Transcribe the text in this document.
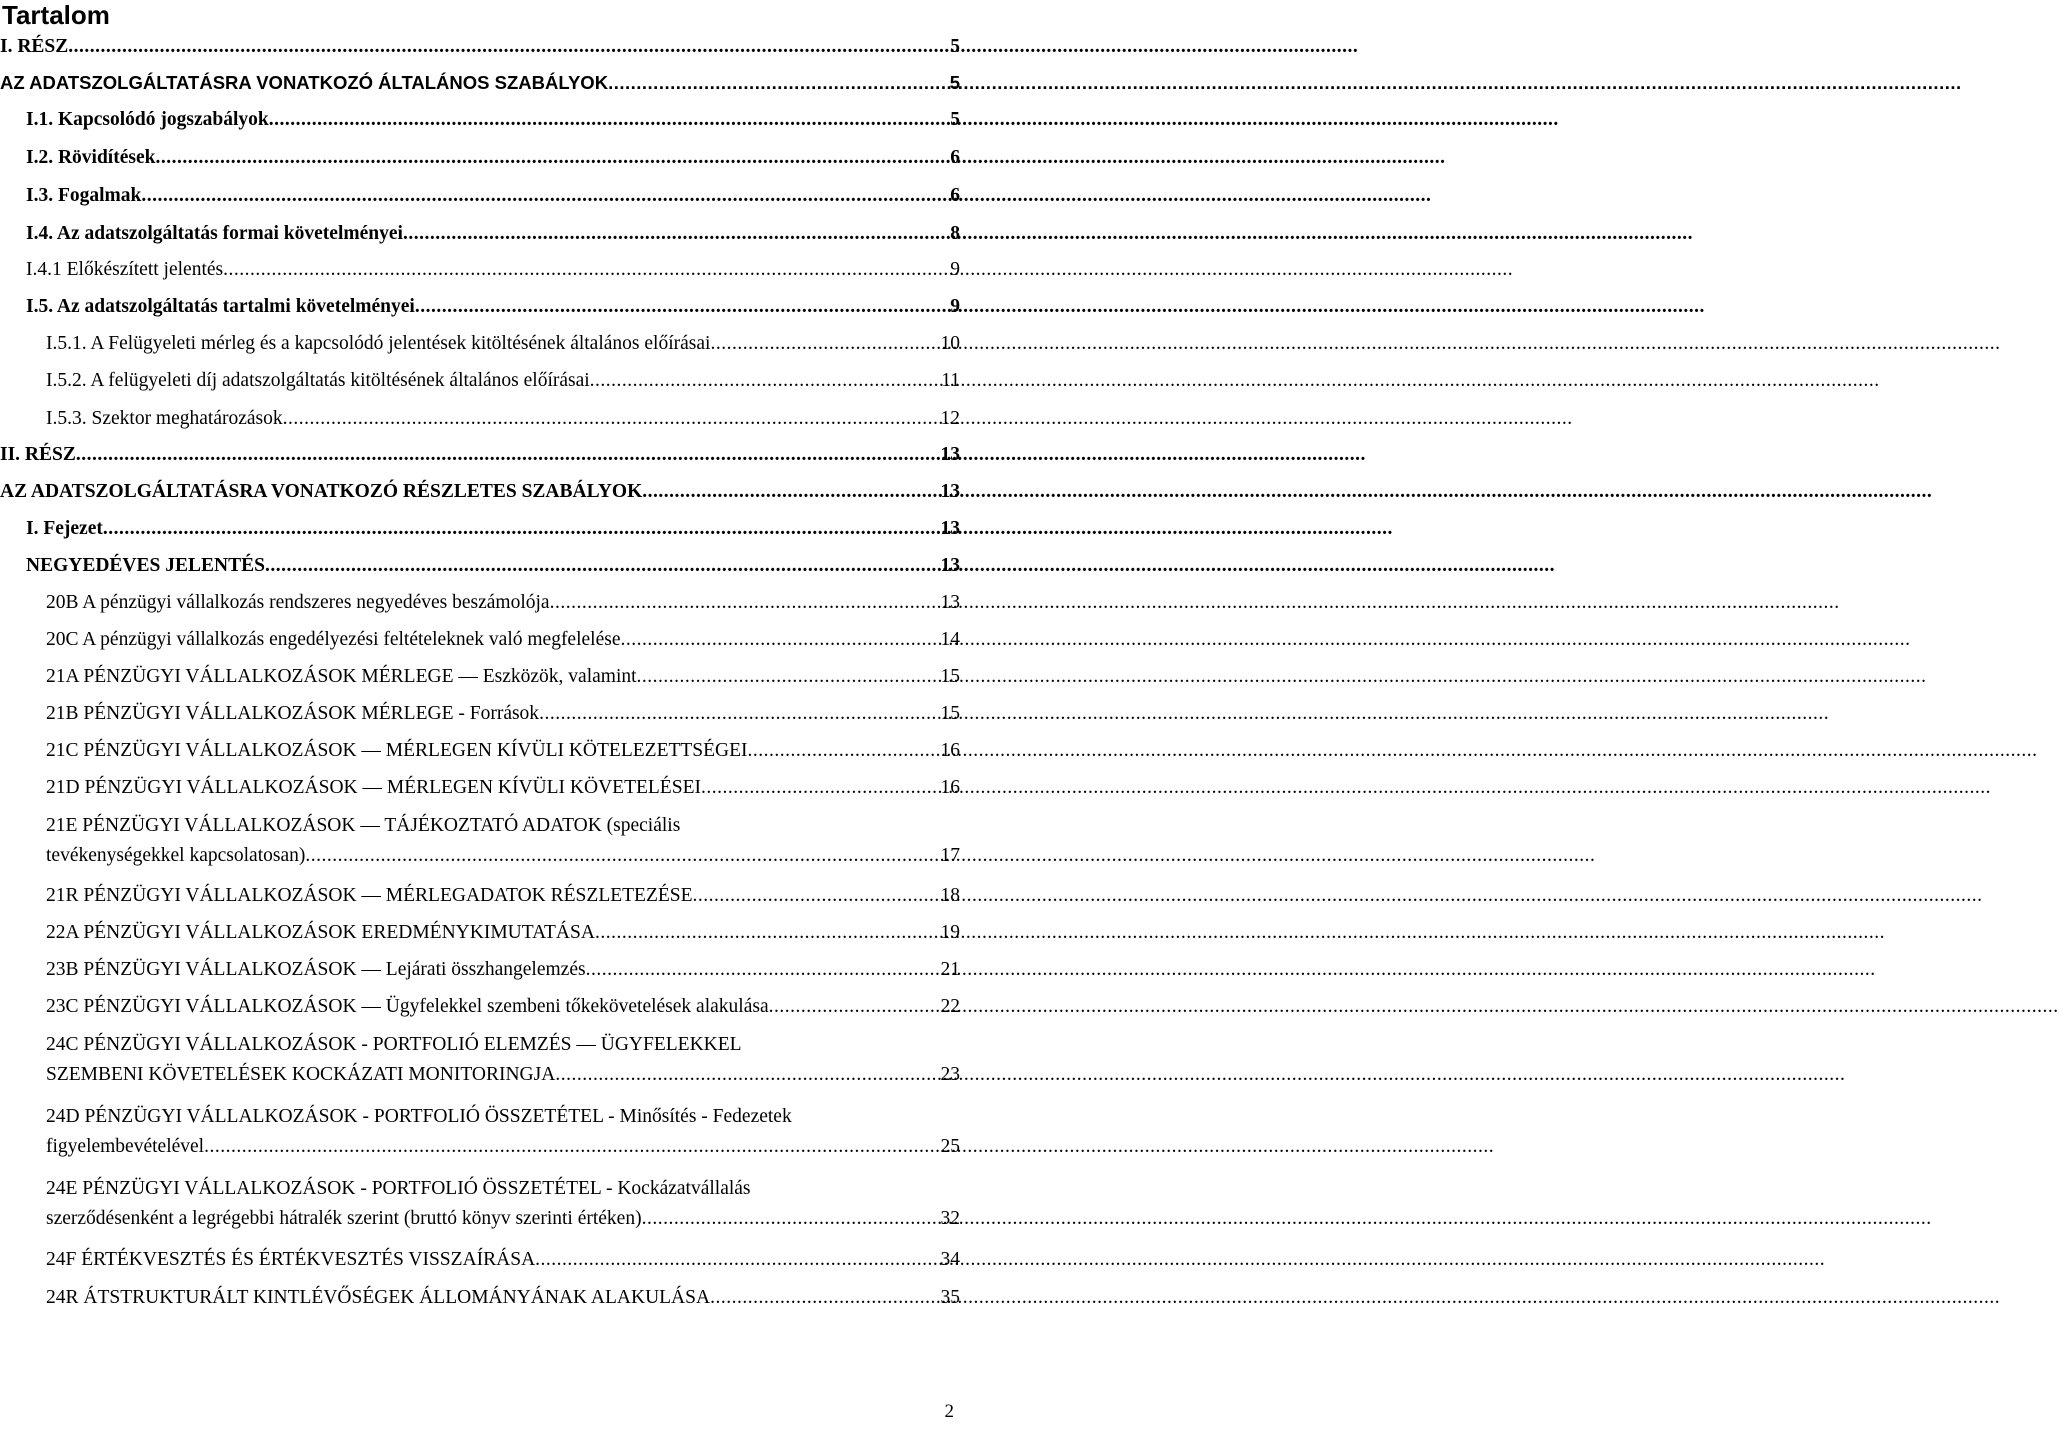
Tartalom
I. RÉSZ .....	5
AZ ADATSZOLGÁLTATÁSRA VONATKOZÓ ÁLTALÁNOS SZABÁLYOK .....	5
I.1. Kapcsolódó jogszabályok .....	5
I.2. Rövidítések .....	6
I.3. Fogalmak .....	6
I.4. Az adatszolgáltatás formai követelményei .....	8
I.4.1 Előkészített jelentés .....	9
I.5. Az adatszolgáltatás tartalmi követelményei .....	9
I.5.1. A Felügyeleti mérleg és a kapcsolódó jelentések kitöltésének általános előírásai .....	10
I.5.2. A felügyeleti díj adatszolgáltatás kitöltésének általános előírásai .....	11
I.5.3. Szektor meghatározások .....	12
II. RÉSZ .....	13
AZ ADATSZOLGÁLTATÁSRA VONATKOZÓ RÉSZLETES SZABÁLYOK .....	13
I. Fejezet .....	13
NEGYEDÉVES JELENTÉS .....	13
20B A pénzügyi vállalkozás rendszeres negyedéves beszámolója .....	13
20C A pénzügyi vállalkozás engedélyezési feltételeknek való megfelelése .....	14
21A PÉNZÜGYI VÁLLALKOZÁSOK MÉRLEGE — Eszközök, valamint .....	15
21B PÉNZÜGYI VÁLLALKOZÁSOK MÉRLEGE - Források .....	15
21C PÉNZÜGYI VÁLLALKOZÁSOK — MÉRLEGEN KÍVÜLI KÖTELEZETTSÉGEI .....	16
21D PÉNZÜGYI VÁLLALKOZÁSOK — MÉRLEGEN KÍVÜLI KÖVETELÉSEI .....	16
21E PÉNZÜGYI VÁLLALKOZÁSOK — TÁJÉKOZTATÓ ADATOK (speciális
tevékenységekkel kapcsolatosan) .....	17
21R PÉNZÜGYI VÁLLALKOZÁSOK — MÉRLEGADATOK RÉSZLETEZÉSE .....	18
22A PÉNZÜGYI VÁLLALKOZÁSOK EREDMÉNYKIMUTATÁSA .....	19
23B PÉNZÜGYI VÁLLALKOZÁSOK — Lejárati összhangelemzés .....	21
23C PÉNZÜGYI VÁLLALKOZÁSOK — Ügyfelekkel szembeni tőkekövetelések alakulása .....	22
24C PÉNZÜGYI VÁLLALKOZÁSOK - PORTFOLIÓ ELEMZÉS — ÜGYFELEKKEL
SZEMBENI KÖVETELÉSEK KOCKÁZATI MONITORINGJA .....	23
24D PÉNZÜGYI VÁLLALKOZÁSOK - PORTFOLIÓ ÖSSZETÉTEL - Minősítés - Fedezetek
figyelembevételével .....	25
24E PÉNZÜGYI VÁLLALKOZÁSOK - PORTFOLIÓ ÖSSZETÉTEL - Kockázatvállalás
szerződésenként a legrégebbi hátralék szerint (bruttó könyv szerinti értéken) .....	32
24F ÉRTÉKVESZTÉS ÉS ÉRTÉKVESZTÉS VISSZAÍRÁSA .....	34
24R ÁTSTRUKTURÁLT KINTLÉVŐSÉGEK ÁLLOMÁNYÁNAK ALAKULÁSA .....	35
2
